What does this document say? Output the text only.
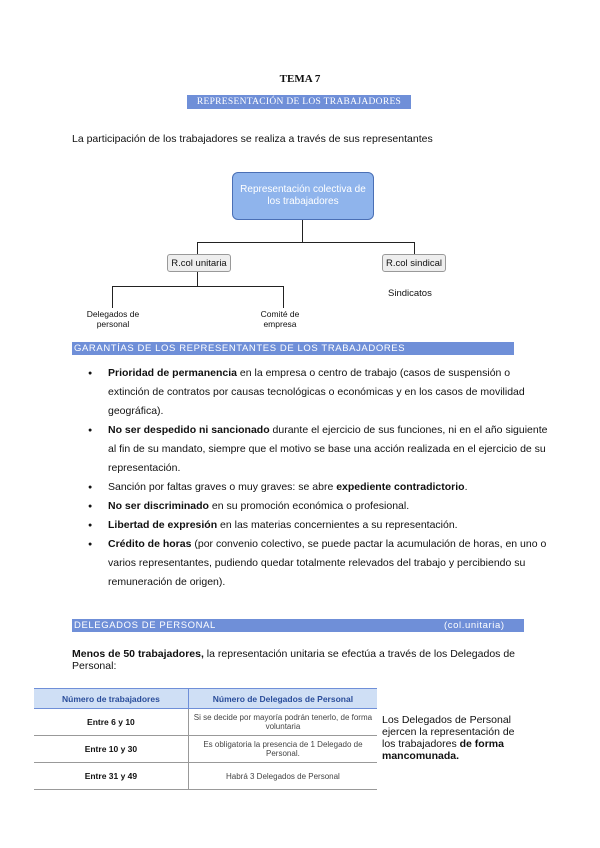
TEMA 7
REPRESENTACIÓN DE LOS TRABAJADORES
La participación de los trabajadores se realiza a través de sus representantes
Representación colectiva de los trabajadores
R.col unitaria	R.col sindical
Delegados de personal
Comité de empresa
Sindicatos
GARANTÍAS DE LOS REPRESENTANTES DE LOS TRABAJADORES
● Prioridad de permanencia en la empresa o centro de trabajo (casos de suspensión o extinción de contratos por causas tecnológicas o económicas y en los casos de movilidad geográfica).
● No ser despedido ni sancionado durante el ejercicio de sus funciones, ni en el año siguiente al fin de su mandato, siempre que el motivo se base una acción realizada en el ejercicio de su representación.
● Sanción por faltas graves o muy graves: se abre expediente contradictorio.
● No ser discriminado en su promoción económica o profesional.
● Libertad de expresión en las materias concernientes a su representación.
● Crédito de horas (por convenio colectivo, se puede pactar la acumulación de horas, en uno o varios representantes, pudiendo quedar totalmente relevados del trabajo y percibiendo su remuneración de origen).
DELEGADOS DE PERSONAL	(col.unitaria)
Menos de 50 trabajadores, la representación unitaria se efectúa a través de los Delegados de Personal:
Número de trabajadores	Número de Delegados de Personal
Entre 6 y 10	Si se decide por mayoría podrán tenerlo, de forma voluntaria
Entre 10 y 30	Es obligatoria la presencia de 1 Delegado de Personal.
Entre 31 y 49	Habrá 3 Delegados de Personal
Los Delegados de Personal ejercen la representación de los trabajadores de forma mancomunada.
